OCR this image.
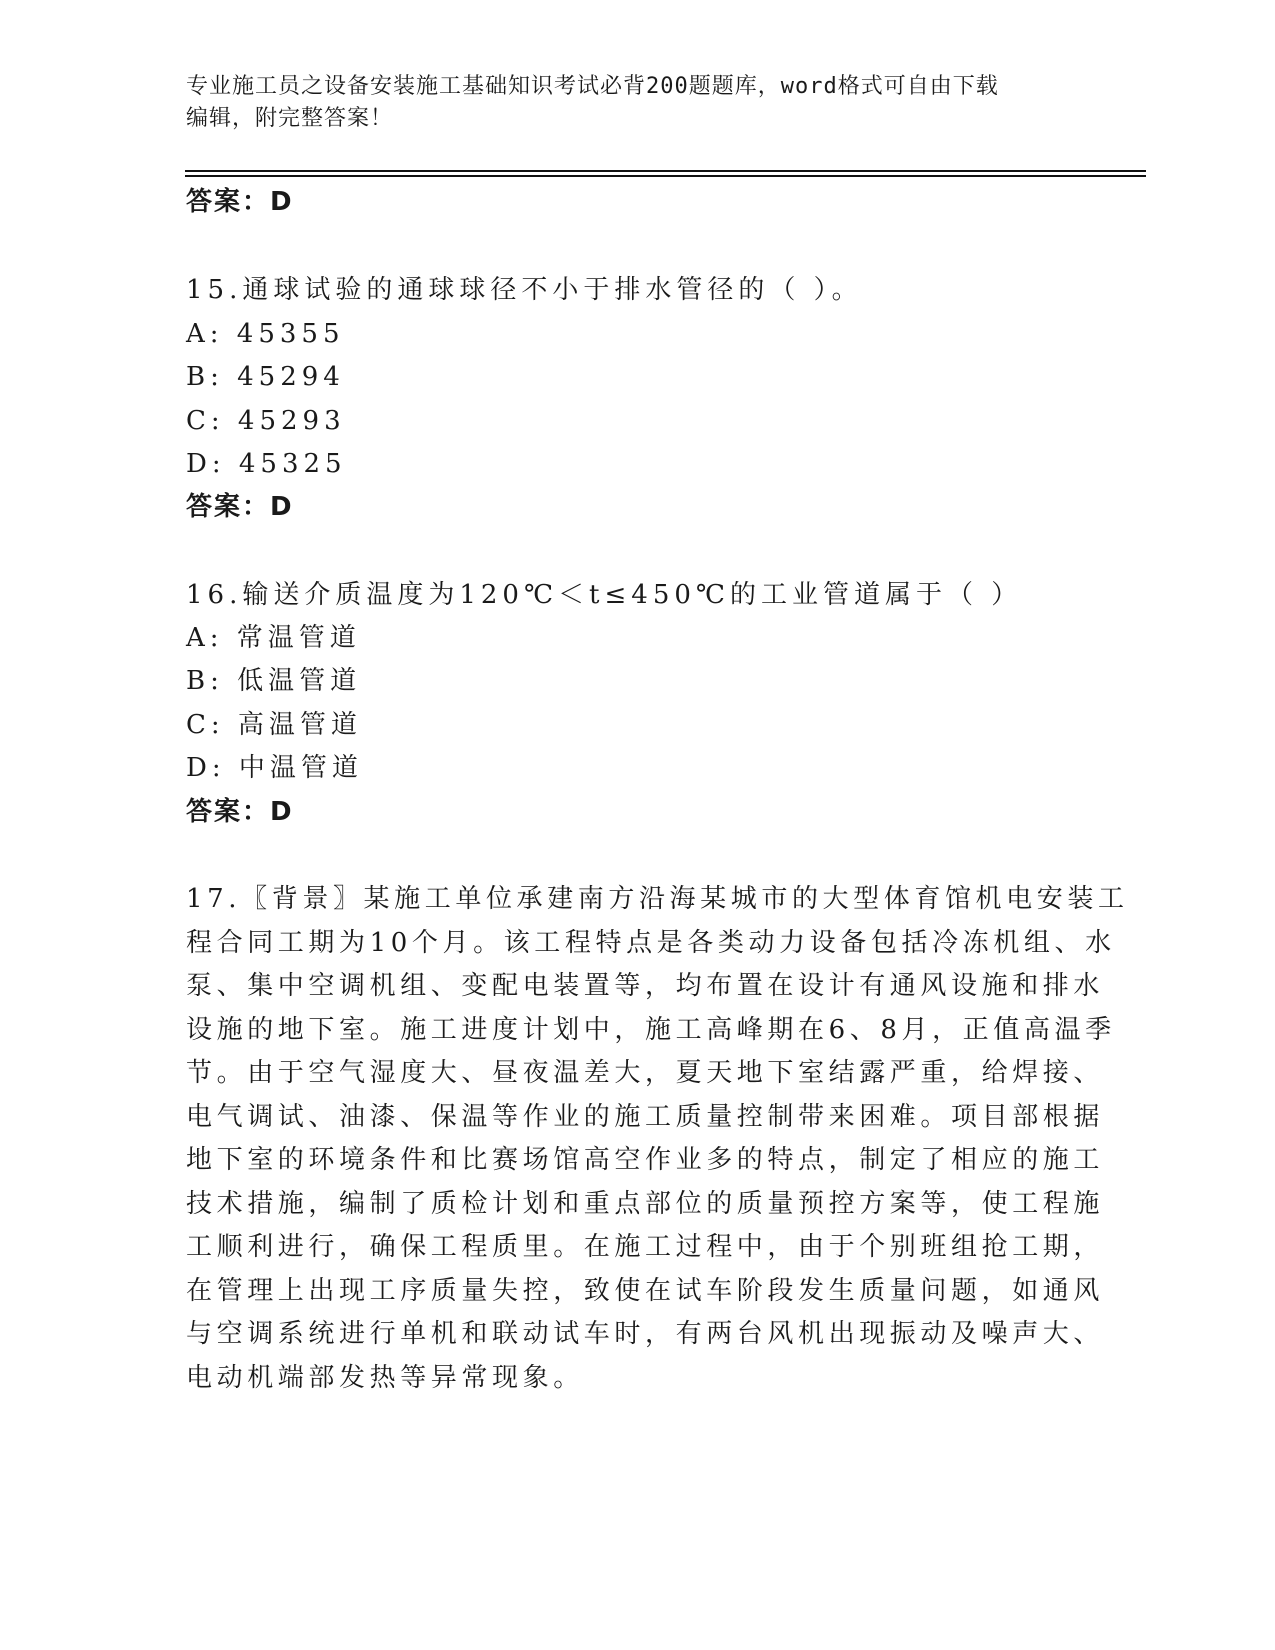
专业施工员之设备安装施工基础知识考试必背200题题库，word格式可自由下载
编辑，附完整答案！
答案：D
15.通球试验的通球球径不小于排水管径的（ ）。
A: 45355
B: 45294
C: 45293
D: 45325
答案：D
16.输送介质温度为120℃＜t≤450℃的工业管道属于（ ）
A: 常温管道
B: 低温管道
C: 高温管道
D: 中温管道
答案：D
17.〖背景〗某施工单位承建南方沿海某城市的大型体育馆机电安装工
程合同工期为10个月。该工程特点是各类动力设备包括冷冻机组、水
泵、集中空调机组、变配电装置等，均布置在设计有通风设施和排水
设施的地下室。施工进度计划中，施工高峰期在6、8月，正值高温季
节。由于空气湿度大、昼夜温差大，夏天地下室结露严重，给焊接、
电气调试、油漆、保温等作业的施工质量控制带来困难。项目部根据
地下室的环境条件和比赛场馆高空作业多的特点，制定了相应的施工
技术措施，编制了质检计划和重点部位的质量预控方案等，使工程施
工顺利进行，确保工程质里。在施工过程中，由于个别班组抢工期，
在管理上出现工序质量失控，致使在试车阶段发生质量问题，如通风
与空调系统进行单机和联动试车时，有两台风机出现振动及噪声大、
电动机端部发热等异常现象。
